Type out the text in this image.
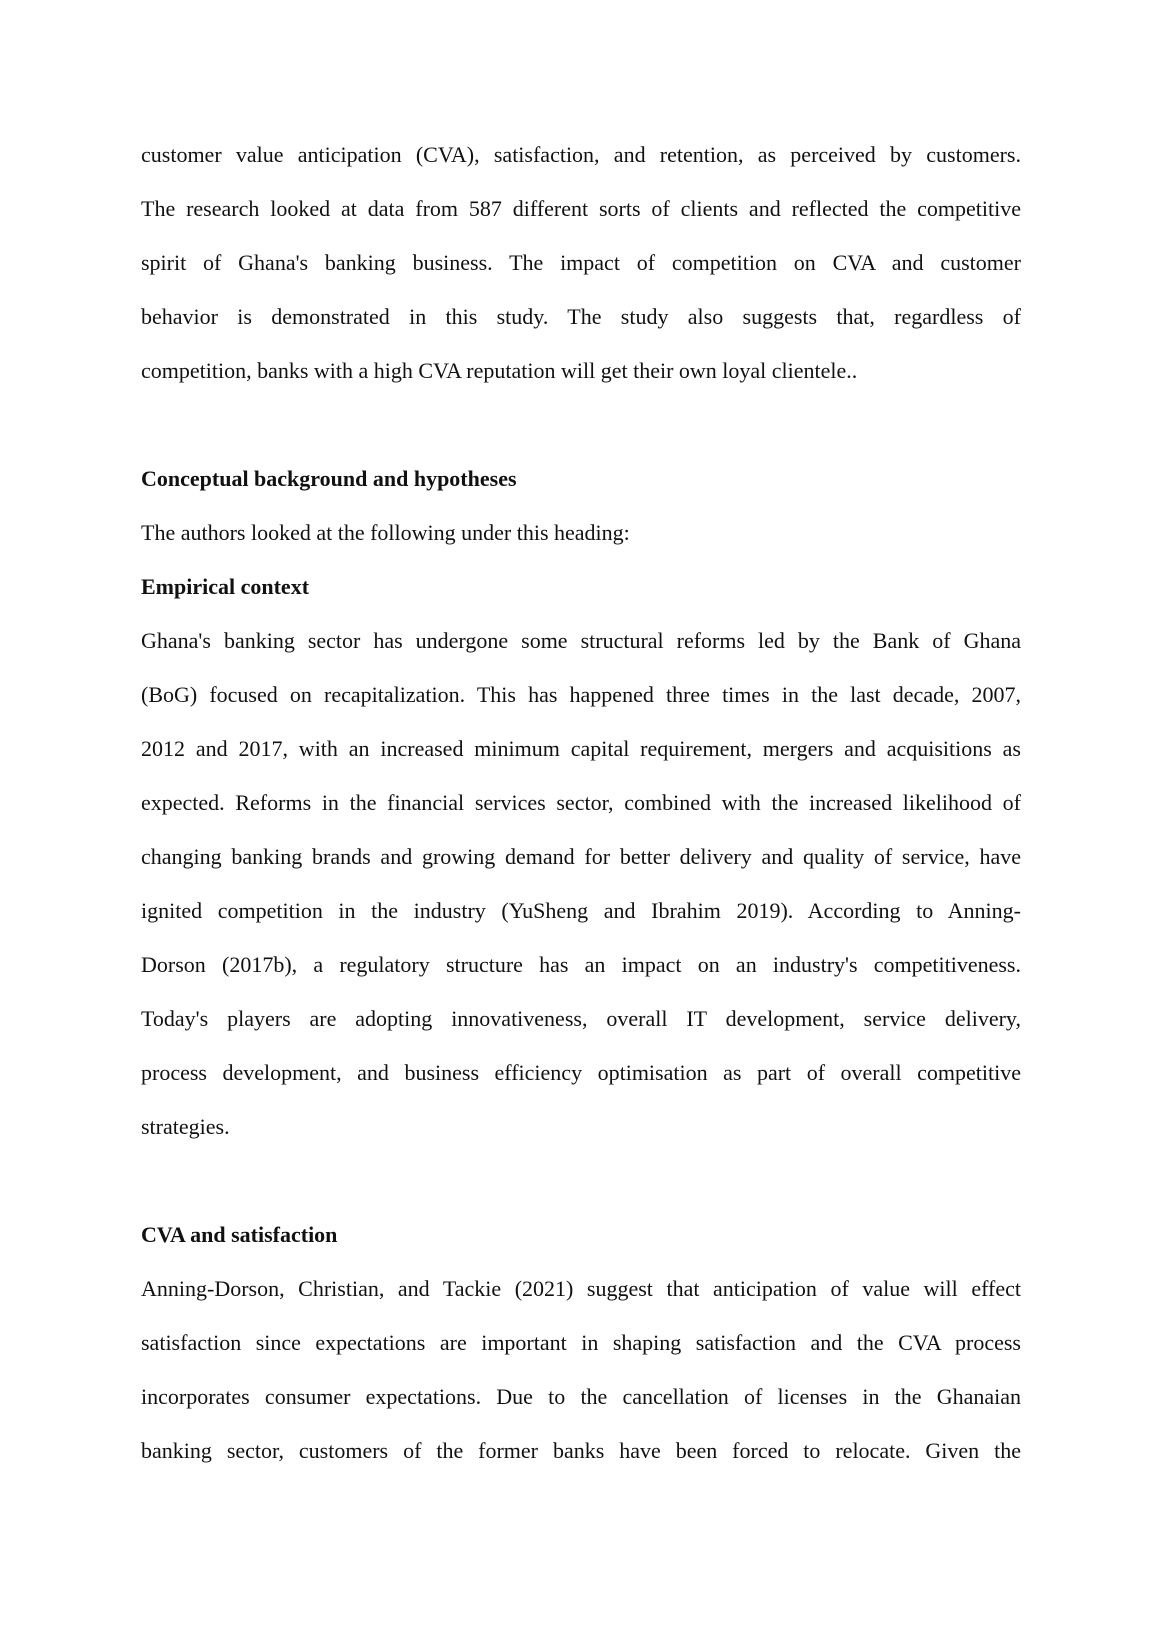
customer value anticipation (CVA), satisfaction, and retention, as perceived by customers.
The research looked at data from 587 different sorts of clients and reflected the competitive
spirit of Ghana's banking business. The impact of competition on CVA and customer
behavior is demonstrated in this study. The study also suggests that, regardless of
competition, banks with a high CVA reputation will get their own loyal clientele..

Conceptual background and hypotheses

The authors looked at the following under this heading:

Empirical context

Ghana's banking sector has undergone some structural reforms led by the Bank of Ghana
(BoG) focused on recapitalization. This has happened three times in the last decade, 2007,
2012 and 2017, with an increased minimum capital requirement, mergers and acquisitions as
expected. Reforms in the financial services sector, combined with the increased likelihood of
changing banking brands and growing demand for better delivery and quality of service, have
ignited competition in the industry (YuSheng and Ibrahim 2019). According to Anning-
Dorson (2017b), a regulatory structure has an impact on an industry's competitiveness.
Today's players are adopting innovativeness, overall IT development, service delivery,
process development, and business efficiency optimisation as part of overall competitive
strategies.

CVA and satisfaction

Anning-Dorson, Christian, and Tackie (2021) suggest that anticipation of value will effect
satisfaction since expectations are important in shaping satisfaction and the CVA process
incorporates consumer expectations. Due to the cancellation of licenses in the Ghanaian
banking sector, customers of the former banks have been forced to relocate. Given the
